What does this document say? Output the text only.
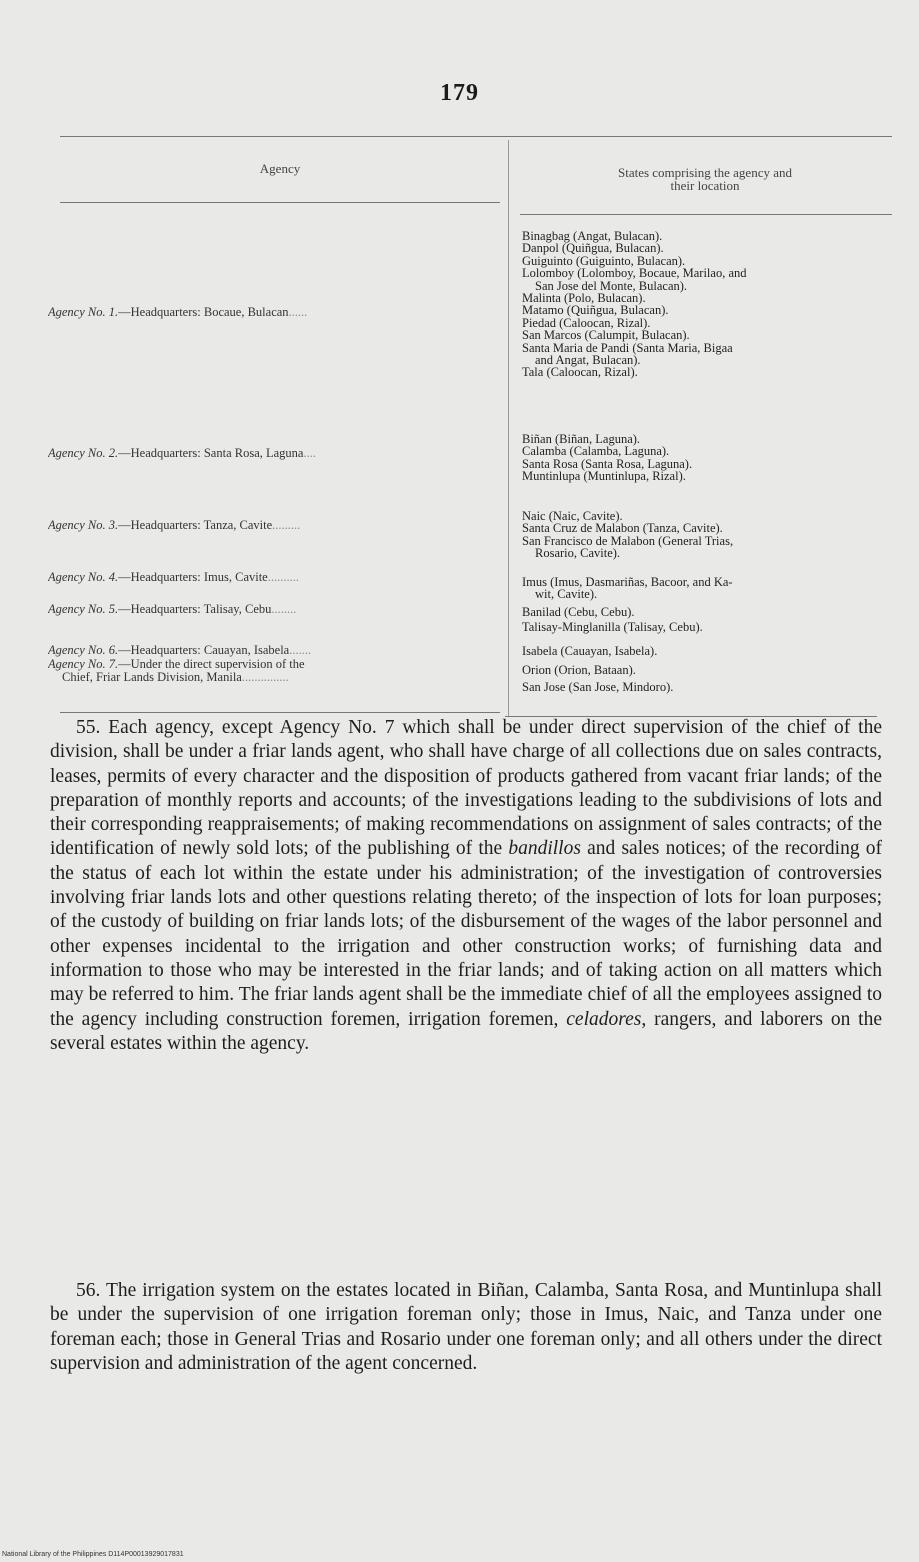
179
Agency	States comprising the agency and
their location
Agency No. 1.—Headquarters: Bocaue, Bulacan......
Agency No. 2.—Headquarters: Santa Rosa, Laguna....
Agency No. 3.—Headquarters: Tanza, Cavite.........
Agency No. 4.—Headquarters: Imus, Cavite..........
Agency No. 5.—Headquarters: Talisay, Cebu........
Agency No. 6.—Headquarters: Cauayan, Isabela.......
Agency No. 7.—Under the direct supervision of the
Chief, Friar Lands Division, Manila...............
Binagbag (Angat, Bulacan).
Danpol (Quiñgua, Bulacan).
Guiguinto (Guiguinto, Bulacan).
Lolomboy (Lolomboy, Bocaue, Marilao, and
San Jose del Monte, Bulacan).
Malinta (Polo, Bulacan).
Matamo (Quiñgua, Bulacan).
Piedad (Caloocan, Rizal).
San Marcos (Calumpit, Bulacan).
Santa Maria de Pandi (Santa Maria, Bigaa
and Angat, Bulacan).
Tala (Caloocan, Rizal).
Biñan (Biñan, Laguna).
Calamba (Calamba, Laguna).
Santa Rosa (Santa Rosa, Laguna).
Muntinlupa (Muntinlupa, Rizal).
Naic (Naic, Cavite).
Santa Cruz de Malabon (Tanza, Cavite).
San Francisco de Malabon (General Trias,
Rosario, Cavite).
Imus (Imus, Dasmariñas, Bacoor, and Ka-
wit, Cavite).
Banilad (Cebu, Cebu).
Talisay-Minglanilla (Talisay, Cebu).
Isabela (Cauayan, Isabela).
Orion (Orion, Bataan).
San Jose (San Jose, Mindoro).

55. Each agency, except Agency No. 7 which shall be under direct supervision of the chief of the division, shall be under a friar lands agent, who shall have charge of all collections due on sales contracts, leases, permits of every character and the disposition of products gathered from vacant friar lands; of the preparation of monthly reports and accounts; of the investigations leading to the subdivisions of lots and their corresponding reappraisements; of making recommendations on assignment of sales contracts; of the identification of newly sold lots; of the publishing of the bandillos and sales notices; of the recording of the status of each lot within the estate under his administration; of the investigation of controversies involving friar lands lots and other questions relating thereto; of the inspection of lots for loan purposes; of the custody of building on friar lands lots; of the disbursement of the wages of the labor personnel and other expenses incidental to the irrigation and other construction works; of furnishing data and information to those who may be interested in the friar lands; and of taking action on all matters which may be referred to him. The friar lands agent shall be the immediate chief of all the employees assigned to the agency including construction foremen, irrigation foremen, celadores, rangers, and laborers on the several estates within the agency.

56. The irrigation system on the estates located in Biñan, Calamba, Santa Rosa, and Muntinlupa shall be under the supervision of one irrigation foreman only; those in Imus, Naic, and Tanza under one foreman each; those in General Trias and Rosario under one foreman only; and all others under the direct supervision and administration of the agent concerned.

National Library of the Philippines D114P00013929017831
